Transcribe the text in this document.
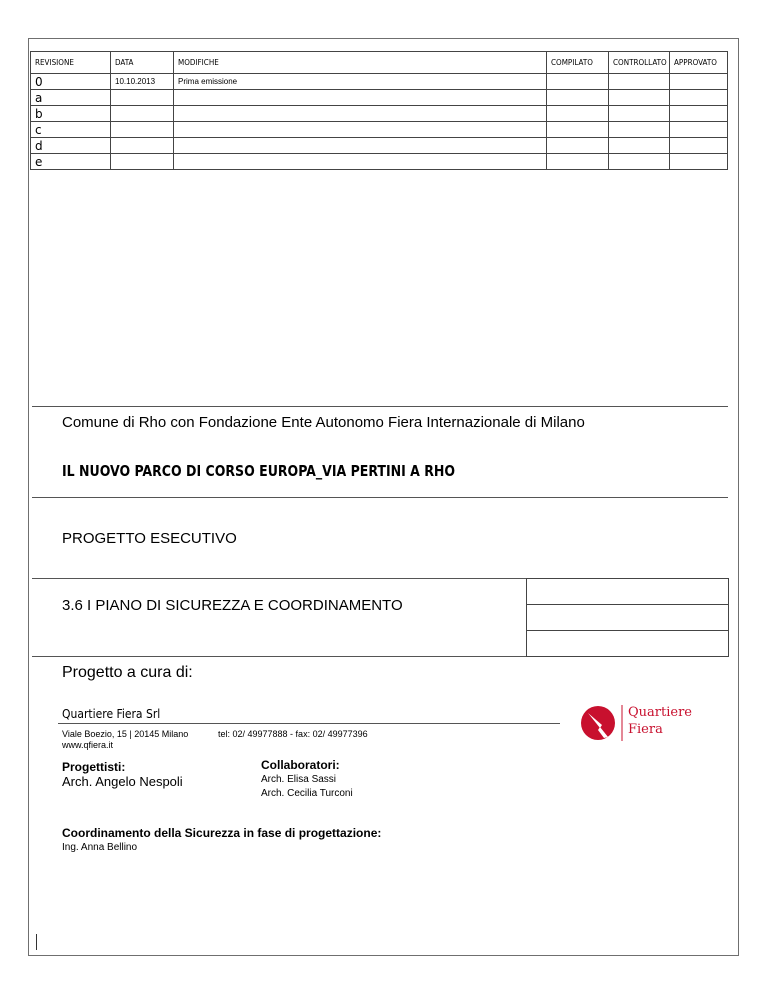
REVISIONE	DATA	MODIFICHE	COMPILATO	CONTROLLATO	APPROVATO
0	10.10.2013	Prima emissione			
a					
b					
c					
d					
e					
Comune di Rho con Fondazione Ente Autonomo Fiera Internazionale di Milano
IL NUOVO PARCO DI CORSO EUROPA_VIA PERTINI A RHO
PROGETTO ESECUTIVO
3.6 I PIANO DI SICUREZZA E COORDINAMENTO
Progetto a cura di:
Quartiere Fiera Srl
Viale Boezio, 15 | 20145 Milano	tel: 02/ 49977888 - fax: 02/ 49977396
www.qfiera.it
Progettisti:
Arch. Angelo Nespoli
Collaboratori:
Arch. Elisa Sassi
Arch. Cecilia Turconi
Coordinamento della Sicurezza in fase di progettazione:
Ing. Anna Bellino
Quartiere
Fiera
